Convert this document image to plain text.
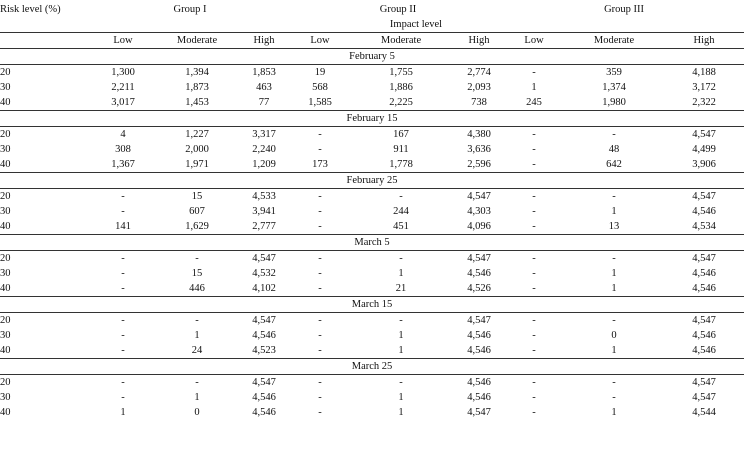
Risk level (%)	Group I			Group II			Group III		
	Impact level								
	Low	Moderate	High	Low	Moderate	High	Low	Moderate	High
February 5									
20	1,300	1,394	1,853	19	1,755	2,774	-	359	4,188
30	2,211	1,873	463	568	1,886	2,093	1	1,374	3,172
40	3,017	1,453	77	1,585	2,225	738	245	1,980	2,322
February 15									
20	4	1,227	3,317	-	167	4,380	-	-	4,547
30	308	2,000	2,240	-	911	3,636	-	48	4,499
40	1,367	1,971	1,209	173	1,778	2,596	-	642	3,906
February 25									
20	-	15	4,533	-	-	4,547	-	-	4,547
30	-	607	3,941	-	244	4,303	-	1	4,546
40	141	1,629	2,777	-	451	4,096	-	13	4,534
March 5									
20	-	-	4,547	-	-	4,547	-	-	4,547
30	-	15	4,532	-	1	4,546	-	1	4,546
40	-	446	4,102	-	21	4,526	-	1	4,546
March 15									
20	-	-	4,547	-	-	4,547	-	-	4,547
30	-	1	4,546	-	1	4,546	-	0	4,546
40	-	24	4,523	-	1	4,546	-	1	4,546
March 25									
20	-	-	4,547	-	-	4,546	-	-	4,547
30	-	1	4,546	-	1	4,546	-	-	4,547
40	1	0	4,546	-	1	4,547	-	1	4,544
